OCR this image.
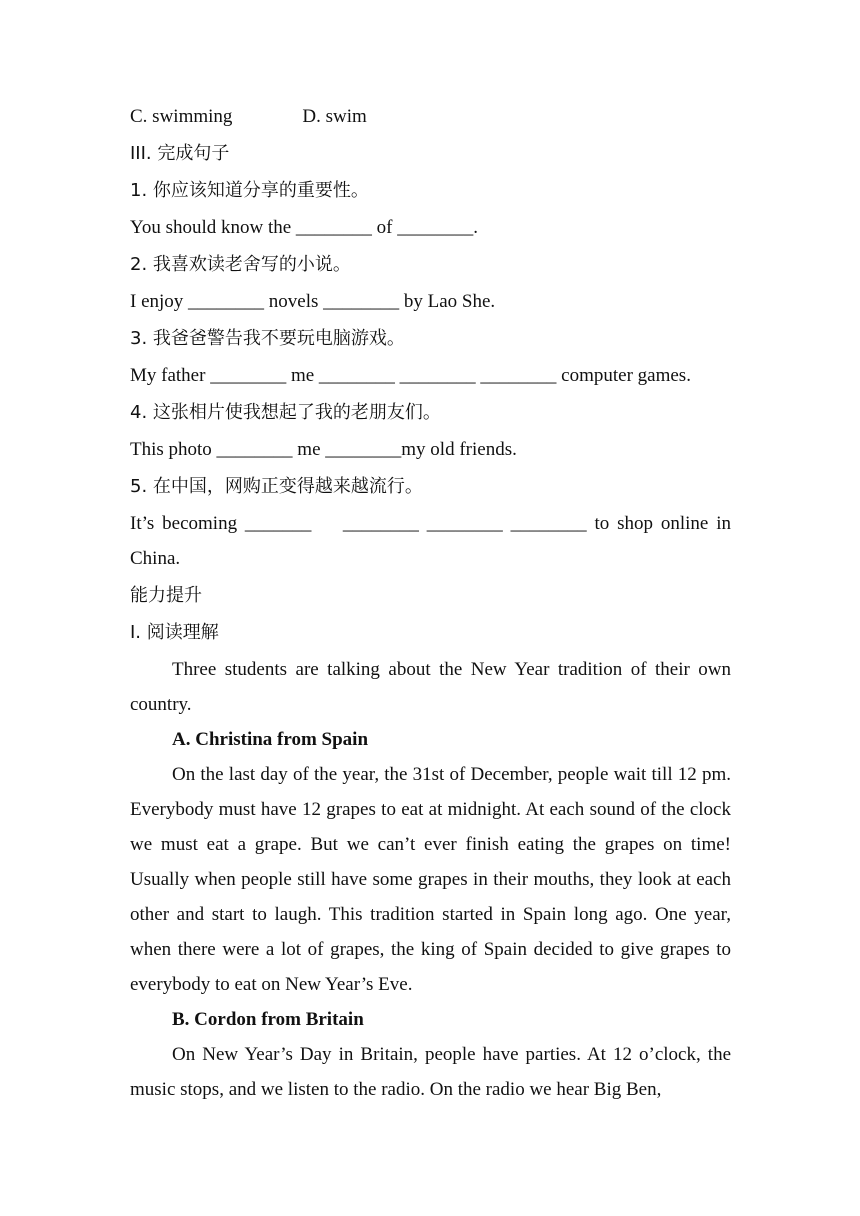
C. swimming	D. swim
III. 完成句子
1. 你应该知道分享的重要性。
You should know the ________ of ________.
2. 我喜欢读老舍写的小说。
I enjoy ________ novels ________ by Lao She.
3. 我爸爸警告我不要玩电脑游戏。
My father ________ me ________ ________ ________ computer games.
4. 这张相片使我想起了我的老朋友们。
This photo ________ me ________my old friends.
5. 在中国，网购正变得越来越流行。
It’s becoming _______    ________ ________ ________ to shop online in China.
能力提升
Ⅰ. 阅读理解
Three students are talking about the New Year tradition of their own country.
A. Christina from Spain
On the last day of the year, the 31st of December, people wait till 12 pm. Everybody must have 12 grapes to eat at midnight. At each sound of the clock we must eat a grape. But we can’t ever finish eating the grapes on time! Usually when people still have some grapes in their mouths, they look at each other and start to laugh. This tradition started in Spain long ago. One year, when there were a lot of grapes, the king of Spain decided to give grapes to everybody to eat on New Year’s Eve.
B. Cordon from Britain
On New Year’s Day in Britain, people have parties. At 12 o’clock, the music stops, and we listen to the radio. On the radio we hear Big Ben,
